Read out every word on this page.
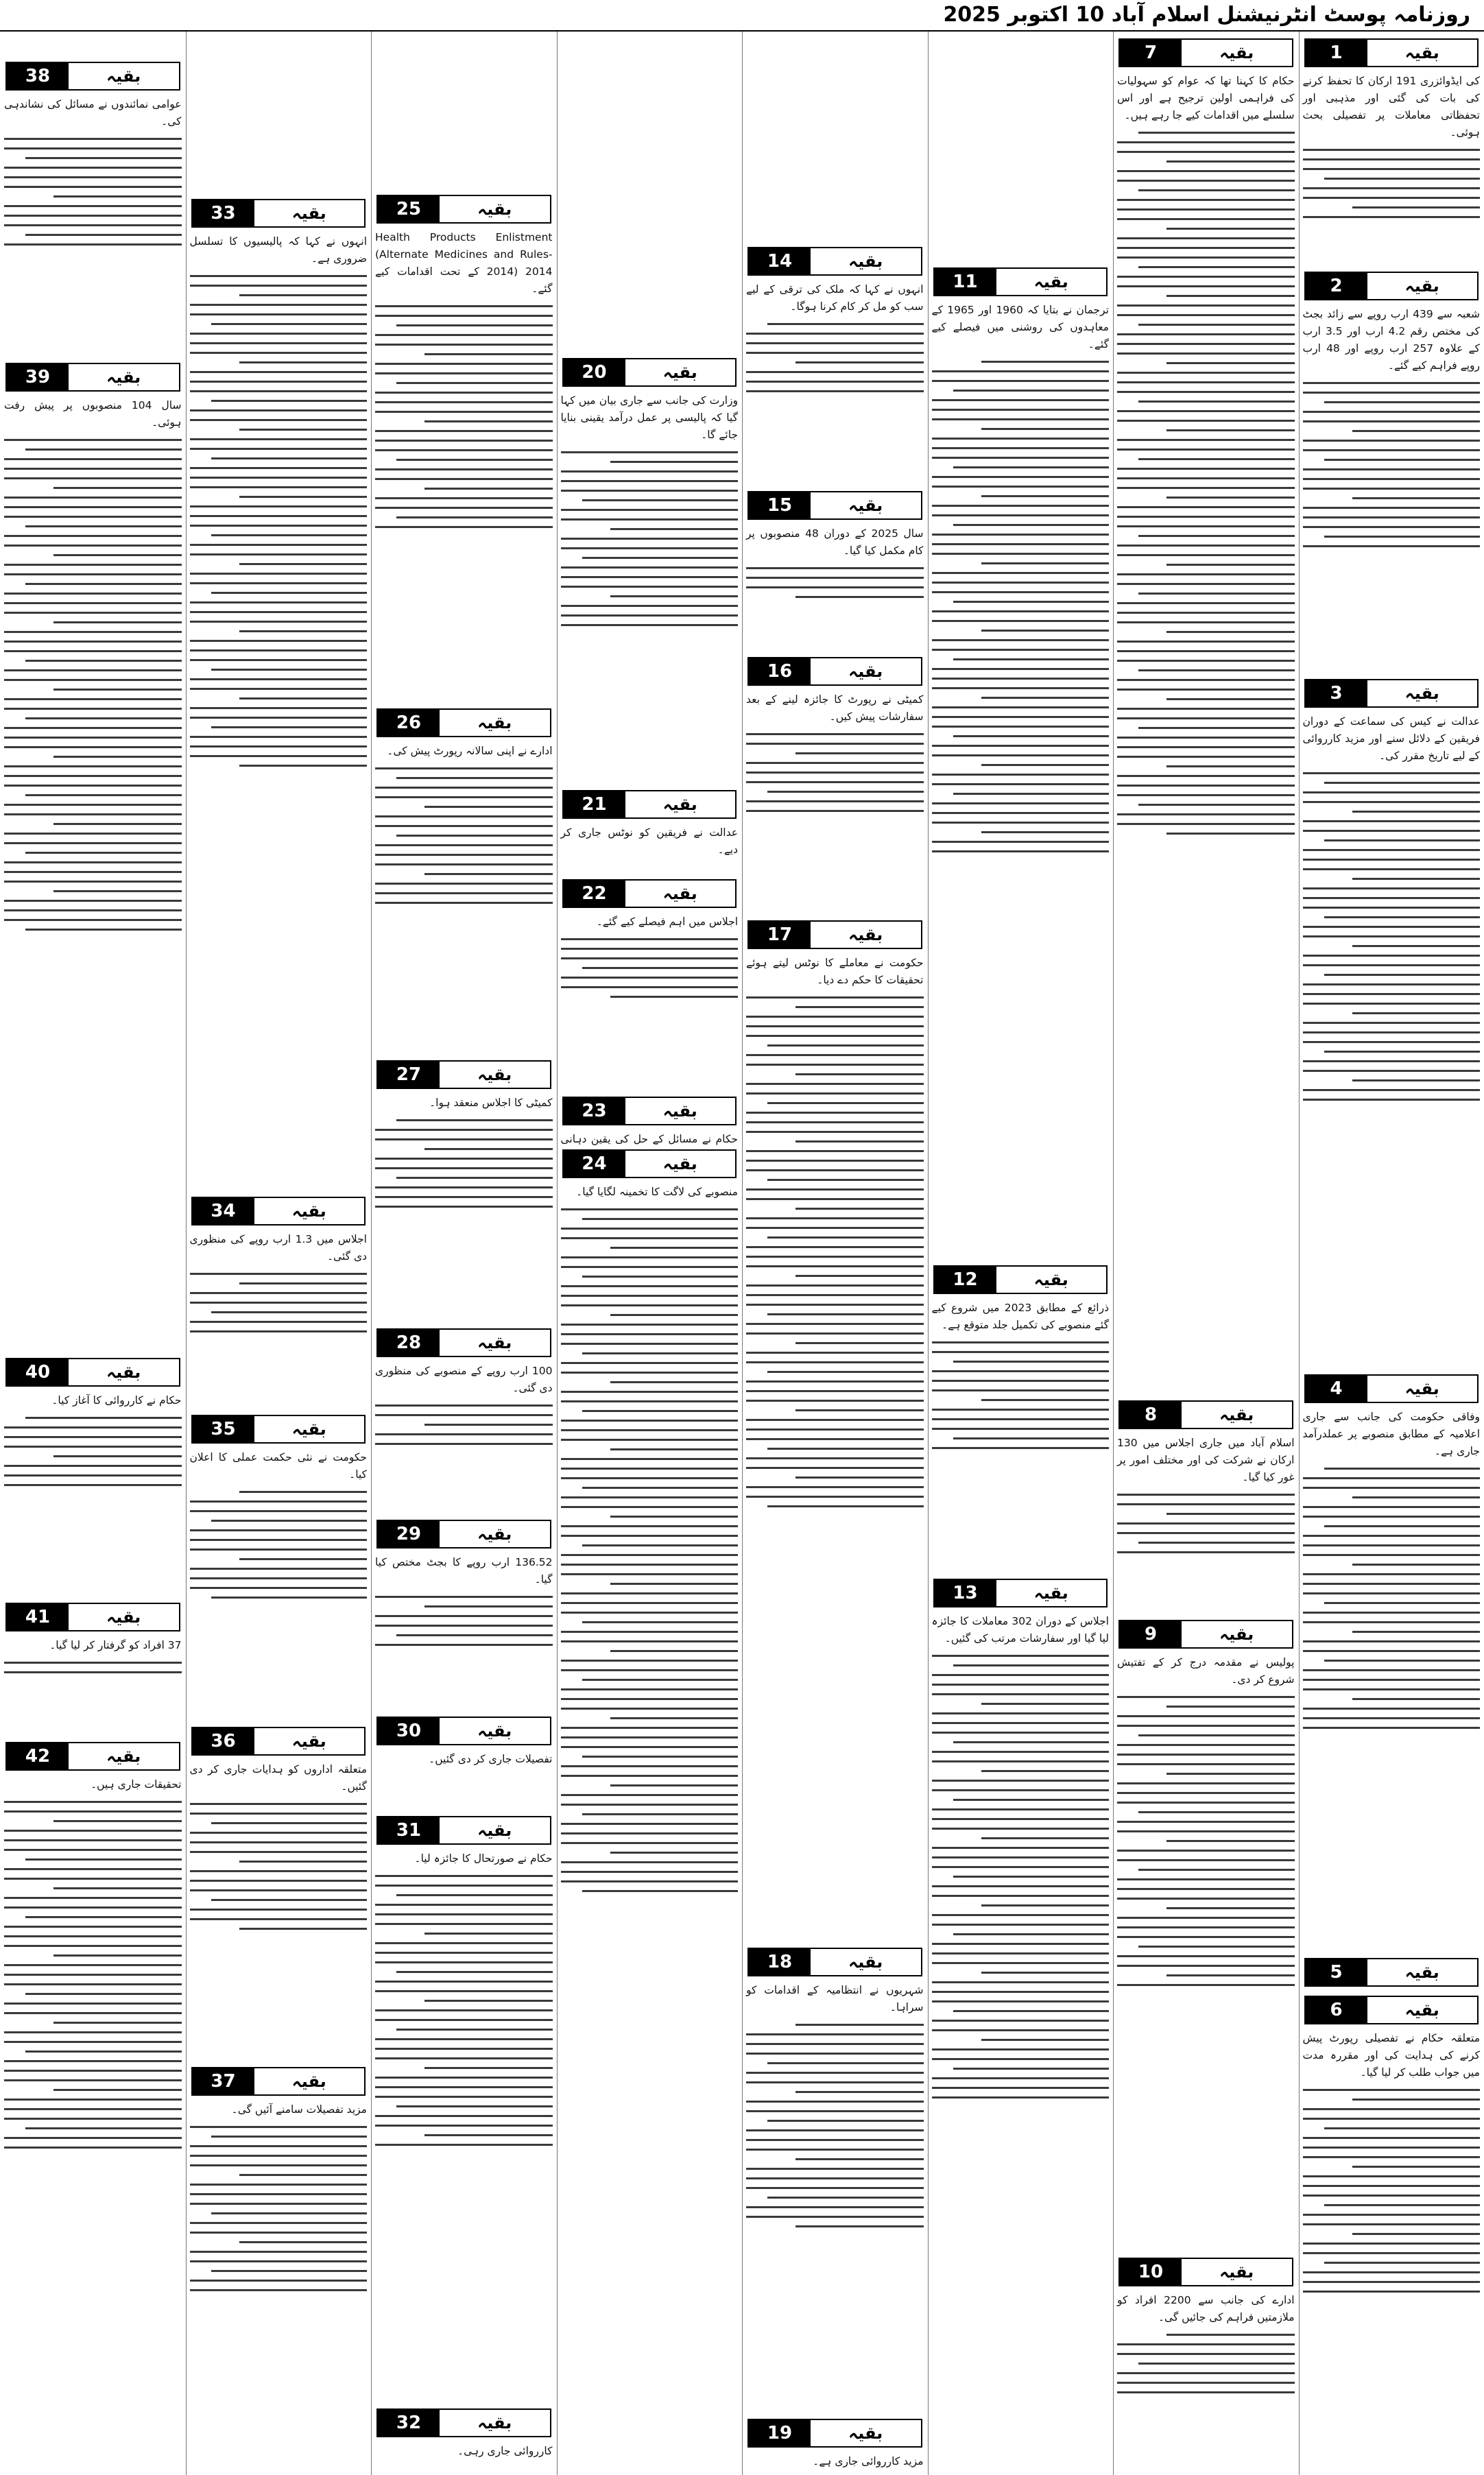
روزنامہ پوسٹ انٹرنیشنل اسلام آباد 10 اکتوبر 2025
1	بقیہ
کی ایڈوائزری 191 ارکان کا تحفظ کرنے کی بات کی گئی اور مذہبی اور تحفظاتی معاملات پر تفصیلی بحث ہوئی۔
2	بقیہ
شعبہ سے 439 ارب روپے سے زائد بجٹ کی مختص رقم 4.2 ارب اور 3.5 ارب کے علاوہ 257 ارب روپے اور 48 ارب روپے فراہم کیے گئے۔
3	بقیہ
عدالت نے کیس کی سماعت کے دوران فریقین کے دلائل سنے اور مزید کارروائی کے لیے تاریخ مقرر کی۔
4	بقیہ
وفاقی حکومت کی جانب سے جاری اعلامیہ کے مطابق منصوبے پر عملدرآمد جاری ہے۔
5	بقیہ
6	بقیہ
متعلقہ حکام نے تفصیلی رپورٹ پیش کرنے کی ہدایت کی اور مقررہ مدت میں جواب طلب کر لیا گیا۔
7	بقیہ
حکام کا کہنا تھا کہ عوام کو سہولیات کی فراہمی اولین ترجیح ہے اور اس سلسلے میں اقدامات کیے جا رہے ہیں۔
8	بقیہ
اسلام آباد میں جاری اجلاس میں 130 ارکان نے شرکت کی اور مختلف امور پر غور کیا گیا۔
9	بقیہ
پولیس نے مقدمہ درج کر کے تفتیش شروع کر دی۔
10	بقیہ
ادارے کی جانب سے 2200 افراد کو ملازمتیں فراہم کی جائیں گی۔
11	بقیہ
ترجمان نے بتایا کہ 1960 اور 1965 کے معاہدوں کی روشنی میں فیصلے کیے گئے۔
12	بقیہ
ذرائع کے مطابق 2023 میں شروع کیے گئے منصوبے کی تکمیل جلد متوقع ہے۔
13	بقیہ
اجلاس کے دوران 302 معاملات کا جائزہ لیا گیا اور سفارشات مرتب کی گئیں۔
14	بقیہ
انہوں نے کہا کہ ملک کی ترقی کے لیے سب کو مل کر کام کرنا ہوگا۔
15	بقیہ
سال 2025 کے دوران 48 منصوبوں پر کام مکمل کیا گیا۔
16	بقیہ
کمیٹی نے رپورٹ کا جائزہ لینے کے بعد سفارشات پیش کیں۔
17	بقیہ
حکومت نے معاملے کا نوٹس لیتے ہوئے تحقیقات کا حکم دے دیا۔
18	بقیہ
شہریوں نے انتظامیہ کے اقدامات کو سراہا۔
19	بقیہ
مزید کارروائی جاری ہے۔
20	بقیہ
وزارت کی جانب سے جاری بیان میں کہا گیا کہ پالیسی پر عمل درآمد یقینی بنایا جائے گا۔
21	بقیہ
عدالت نے فریقین کو نوٹس جاری کر دیے۔
22	بقیہ
اجلاس میں اہم فیصلے کیے گئے۔
23	بقیہ
حکام نے مسائل کے حل کی یقین دہانی
24	بقیہ
منصوبے کی لاگت کا تخمینہ لگایا گیا۔
25	بقیہ
Health Products Enlistment (Alternate Medicines and Rules-2014) 2014 کے تحت اقدامات کیے گئے۔
26	بقیہ
ادارے نے اپنی سالانہ رپورٹ پیش کی۔
27	بقیہ
کمیٹی کا اجلاس منعقد ہوا۔
28	بقیہ
100 ارب روپے کے منصوبے کی منظوری دی گئی۔
29	بقیہ
136.52 ارب روپے کا بجٹ مختص کیا گیا۔
30	بقیہ
تفصیلات جاری کر دی گئیں۔
31	بقیہ
حکام نے صورتحال کا جائزہ لیا۔
32	بقیہ
کارروائی جاری رہی۔
33	بقیہ
انہوں نے کہا کہ پالیسیوں کا تسلسل ضروری ہے۔
34	بقیہ
اجلاس میں 1.3 ارب روپے کی منظوری دی گئی۔
35	بقیہ
حکومت نے نئی حکمت عملی کا اعلان کیا۔
36	بقیہ
متعلقہ اداروں کو ہدایات جاری کر دی گئیں۔
37	بقیہ
مزید تفصیلات سامنے آئیں گی۔
38	بقیہ
عوامی نمائندوں نے مسائل کی نشاندہی کی۔
39	بقیہ
سال 104 منصوبوں پر پیش رفت ہوئی۔
40	بقیہ
حکام نے کارروائی کا آغاز کیا۔
41	بقیہ
37 افراد کو گرفتار کر لیا گیا۔
42	بقیہ
تحقیقات جاری ہیں۔
